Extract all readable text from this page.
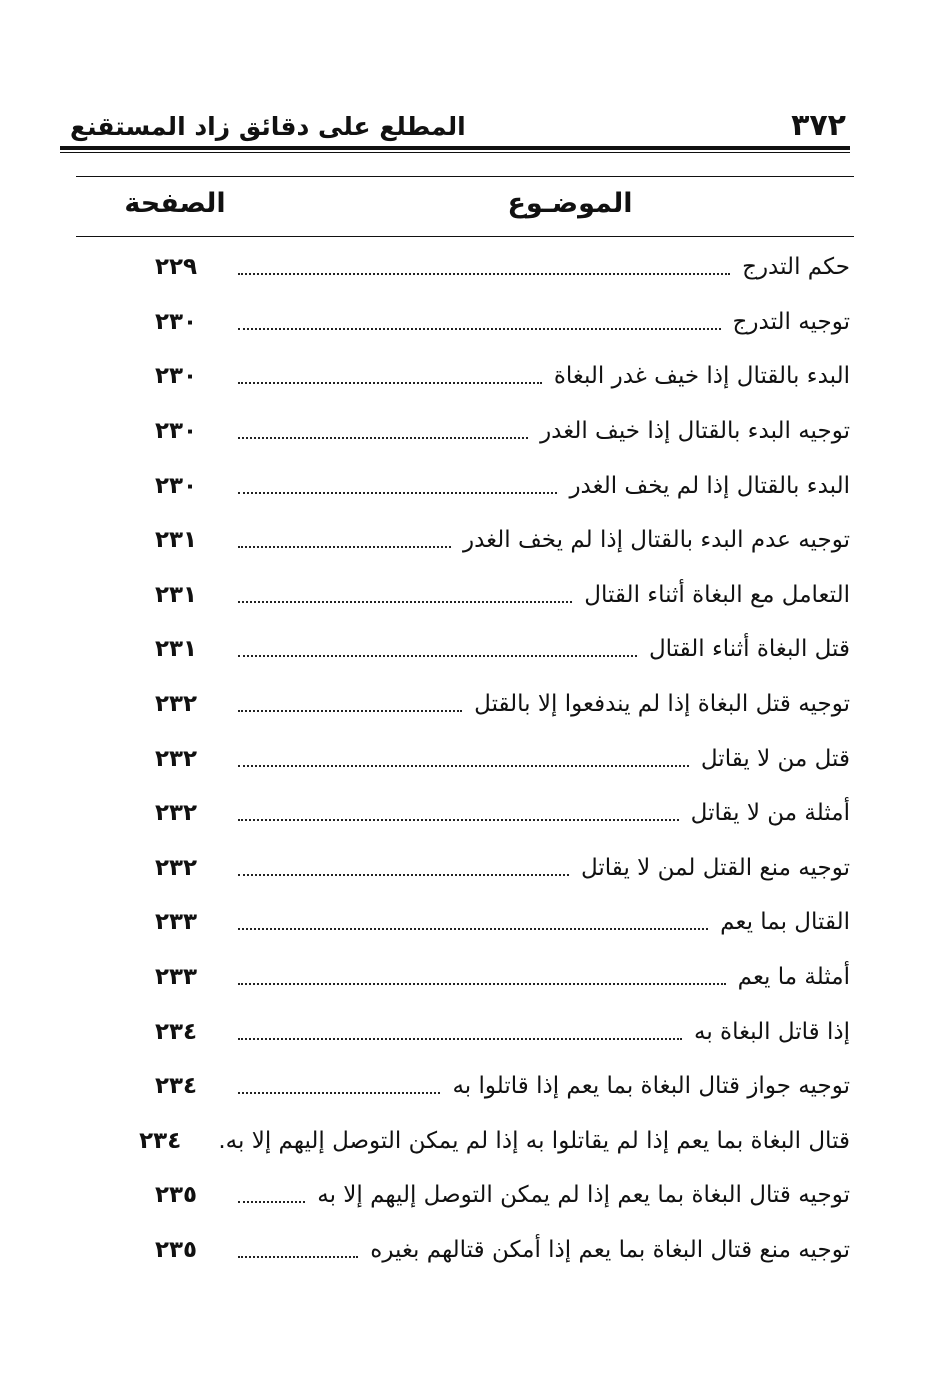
المطلع على دقائق زاد المستقنع	٣٧٢
الموضـوع
الصفحة
حكم التدرج
٢٢٩
توجيه التدرج
٢٣٠
البدء بالقتال إذا خيف غدر البغاة
٢٣٠
توجيه البدء بالقتال إذا خيف الغدر
٢٣٠
البدء بالقتال إذا لم يخف الغدر
٢٣٠
توجيه عدم البدء بالقتال إذا لم يخف الغدر
٢٣١
التعامل مع البغاة أثناء القتال
٢٣١
قتل البغاة أثناء القتال
٢٣١
توجيه قتل البغاة إذا لم يندفعوا إلا بالقتل
٢٣٢
قتل من لا يقاتل
٢٣٢
أمثلة من لا يقاتل
٢٣٢
توجيه منع القتل لمن لا يقاتل
٢٣٢
القتال بما يعم
٢٣٣
أمثلة ما يعم
٢٣٣
إذا قاتل البغاة به
٢٣٤
توجيه جواز قتال البغاة بما يعم إذا قاتلوا به
٢٣٤
قتال البغاة بما يعم إذا لم يقاتلوا به إذا لم يمكن التوصل إليهم إلا به.
٢٣٤
توجيه قتال البغاة بما يعم إذا لم يمكن التوصل إليهم إلا به
٢٣٥
توجيه منع قتال البغاة بما يعم إذا أمكن قتالهم بغيره
٢٣٥
